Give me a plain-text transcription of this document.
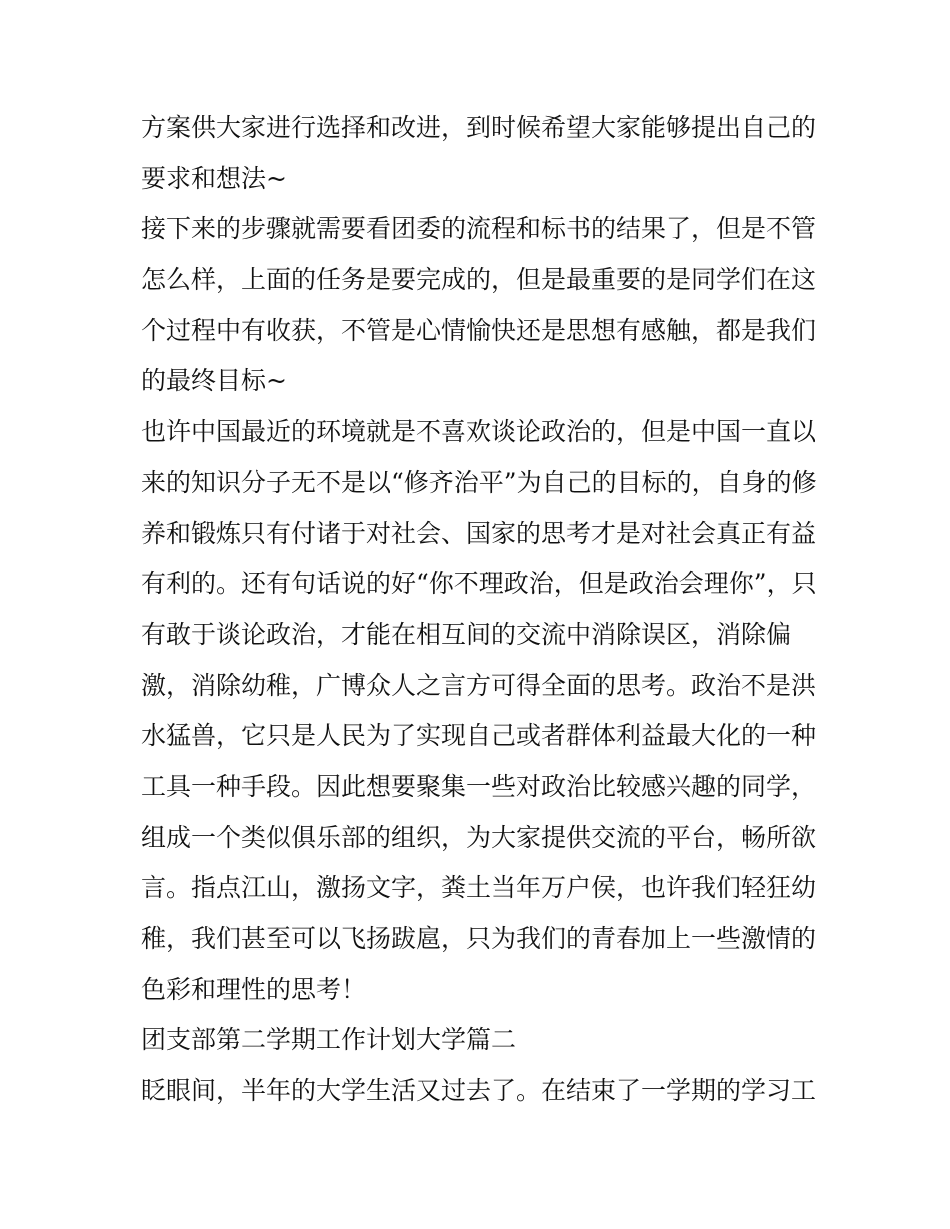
方案供大家进行选择和改进，到时候希望大家能够提出自己的
要求和想法~
接下来的步骤就需要看团委的流程和标书的结果了，但是不管
怎么样，上面的任务是要完成的，但是最重要的是同学们在这
个过程中有收获，不管是心情愉快还是思想有感触，都是我们
的最终目标~
也许中国最近的环境就是不喜欢谈论政治的，但是中国一直以
来的知识分子无不是以“修齐治平”为自己的目标的，自身的修
养和锻炼只有付诸于对社会、国家的思考才是对社会真正有益
有利的。还有句话说的好“你不理政治，但是政治会理你”，只
有敢于谈论政治，才能在相互间的交流中消除误区，消除偏
激，消除幼稚，广博众人之言方可得全面的思考。政治不是洪
水猛兽，它只是人民为了实现自己或者群体利益最大化的一种
工具一种手段。因此想要聚集一些对政治比较感兴趣的同学，
组成一个类似俱乐部的组织，为大家提供交流的平台，畅所欲
言。指点江山，激扬文字，粪土当年万户侯，也许我们轻狂幼
稚，我们甚至可以飞扬跋扈，只为我们的青春加上一些激情的
色彩和理性的思考！
团支部第二学期工作计划大学篇二
眨眼间，半年的大学生活又过去了。在结束了一学期的学习工
